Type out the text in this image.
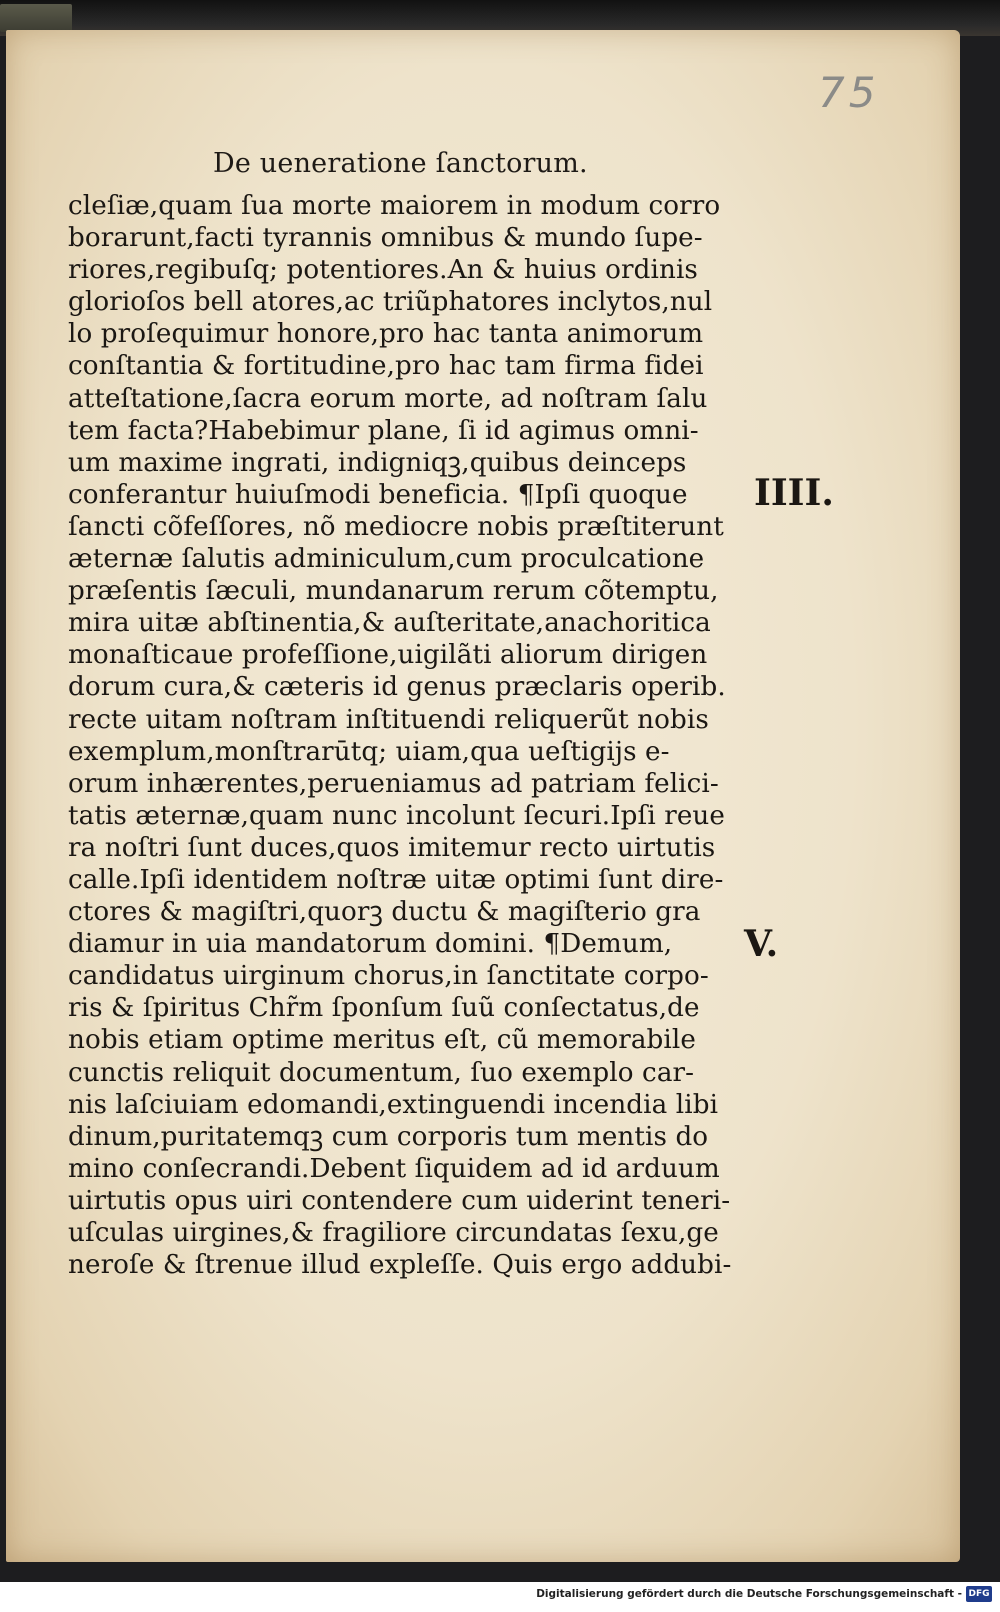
75
De ueneratione ſanctorum.
cleſiæ,quam ſua morte maiorem in modum corro
borarunt,facti tyrannis omnibus & mundo ſupe-
riores,regibuſq; potentiores.An & huius ordinis
glorioſos bell atores,ac triũphatores inclytos,nul
lo proſequimur honore,pro hac tanta animorum
conſtantia & fortitudine,pro hac tam firma fidei
atteſtatione,ſacra eorum morte, ad noſtram ſalu
tem facta?Habebimur plane, ſi id agimus omni-
um maxime ingrati, indigniqꝫ,quibus deinceps
conferantur huiuſmodi beneficia. ¶Ipſi quoque
ſancti cõfeſſores, nõ mediocre nobis præſtiterunt
æternæ ſalutis adminiculum,cum proculcatione
præſentis ſæculi, mundanarum rerum cõtemptu,
mira uitæ abſtinentia,& auſteritate,anachoritica
monaſticaue profeſſione,uigilãti aliorum dirigen
dorum cura,& cæteris id genus præclaris operib.
recte uitam noſtram inſtituendi reliquerũt nobis
exemplum,monſtrarūtq; uiam,qua ueſtigijs e-
orum inhærentes,perueniamus ad patriam felici-
tatis æternæ,quam nunc incolunt ſecuri.Ipſi reue
ra noſtri ſunt duces,quos imitemur recto uirtutis
calle.Ipſi identidem noſtræ uitæ optimi ſunt dire-
ctores & magiſtri,quorꝫ ductu & magiſterio gra
diamur in uia mandatorum domini. ¶Demum,
candidatus uirginum chorus,in ſanctitate corpo-
ris & ſpiritus Chr̃m ſponſum ſuũ conſectatus,de
nobis etiam optime meritus eſt, cũ memorabile
cunctis reliquit documentum, ſuo exemplo car-
nis laſciuiam edomandi,extinguendi incendia libi
dinum,puritatemqꝫ cum corporis tum mentis do
mino conſecrandi.Debent ſiquidem ad id arduum
uirtutis opus uiri contendere cum uiderint teneri-
uſculas uirgines,& fragiliore circundatas ſexu,ge
neroſe & ſtrenue illud expleſſe. Quis ergo addubi-
IIII.
V.
Digitalisierung gefördert durch die Deutsche Forschungsgemeinschaft - DFG
